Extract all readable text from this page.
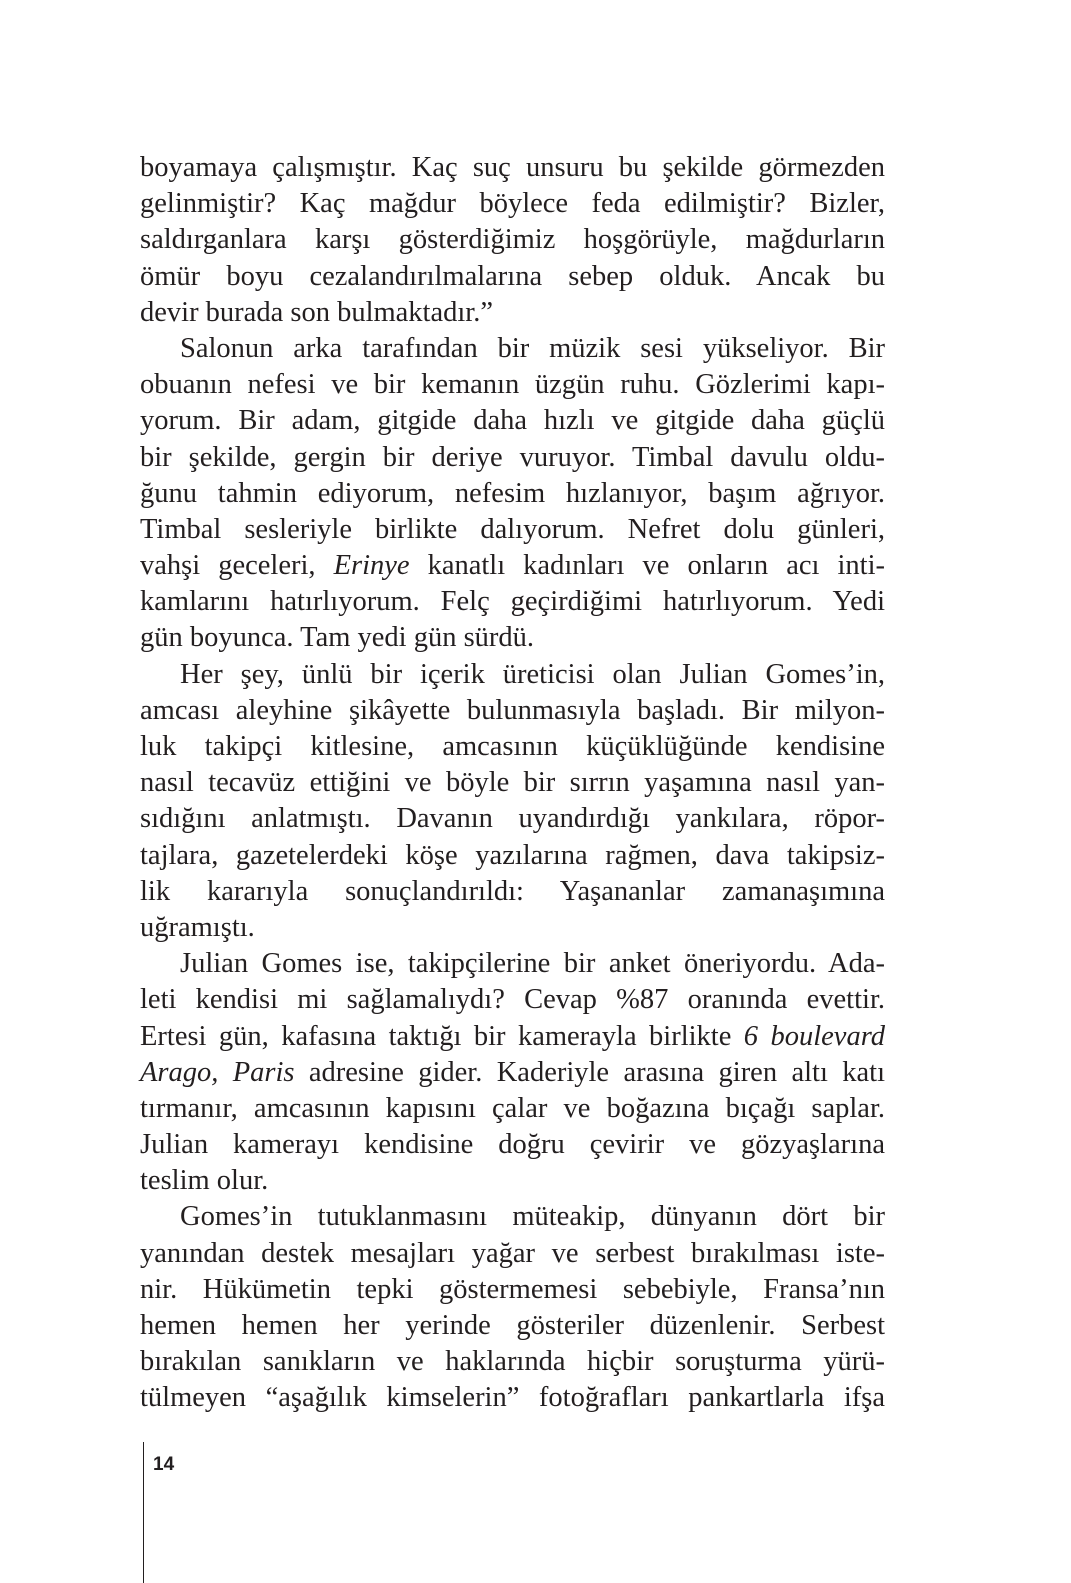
boyamaya çalışmıştır. Kaç suç unsuru bu şekilde görmezden
gelinmiştir? Kaç mağdur böylece feda edilmiştir? Bizler,
saldırganlara karşı gösterdiğimiz hoşgörüyle, mağdurların
ömür boyu cezalandırılmalarına sebep olduk. Ancak bu
devir burada son bulmaktadır.”
Salonun arka tarafından bir müzik sesi yükseliyor. Bir
obuanın nefesi ve bir kemanın üzgün ruhu. Gözlerimi kapı-
yorum. Bir adam, gitgide daha hızlı ve gitgide daha güçlü
bir şekilde, gergin bir deriye vuruyor. Timbal davulu oldu-
ğunu tahmin ediyorum, nefesim hızlanıyor, başım ağrıyor.
Timbal sesleriyle birlikte dalıyorum. Nefret dolu günleri,
vahşi geceleri, Erinye kanatlı kadınları ve onların acı inti-
kamlarını hatırlıyorum. Felç geçirdiğimi hatırlıyorum. Yedi
gün boyunca. Tam yedi gün sürdü.
Her şey, ünlü bir içerik üreticisi olan Julian Gomes’in,
amcası aleyhine şikâyette bulunmasıyla başladı. Bir milyon-
luk takipçi kitlesine, amcasının küçüklüğünde kendisine
nasıl tecavüz ettiğini ve böyle bir sırrın yaşamına nasıl yan-
sıdığını anlatmıştı. Davanın uyandırdığı yankılara, röpor-
tajlara, gazetelerdeki köşe yazılarına rağmen, dava takipsiz-
lik kararıyla sonuçlandırıldı: Yaşananlar zamanaşımına
uğramıştı.
Julian Gomes ise, takipçilerine bir anket öneriyordu. Ada-
leti kendisi mi sağlamalıydı? Cevap %87 oranında evettir.
Ertesi gün, kafasına taktığı bir kamerayla birlikte 6 boulevard
Arago, Paris adresine gider. Kaderiyle arasına giren altı katı
tırmanır, amcasının kapısını çalar ve boğazına bıçağı saplar.
Julian kamerayı kendisine doğru çevirir ve gözyaşlarına
teslim olur.
Gomes’in tutuklanmasını müteakip, dünyanın dört bir
yanından destek mesajları yağar ve serbest bırakılması iste-
nir. Hükümetin tepki göstermemesi sebebiyle, Fransa’nın
hemen hemen her yerinde gösteriler düzenlenir. Serbest
bırakılan sanıkların ve haklarında hiçbir soruşturma yürü-
tülmeyen “aşağılık kimselerin” fotoğrafları pankartlarla ifşa
14
